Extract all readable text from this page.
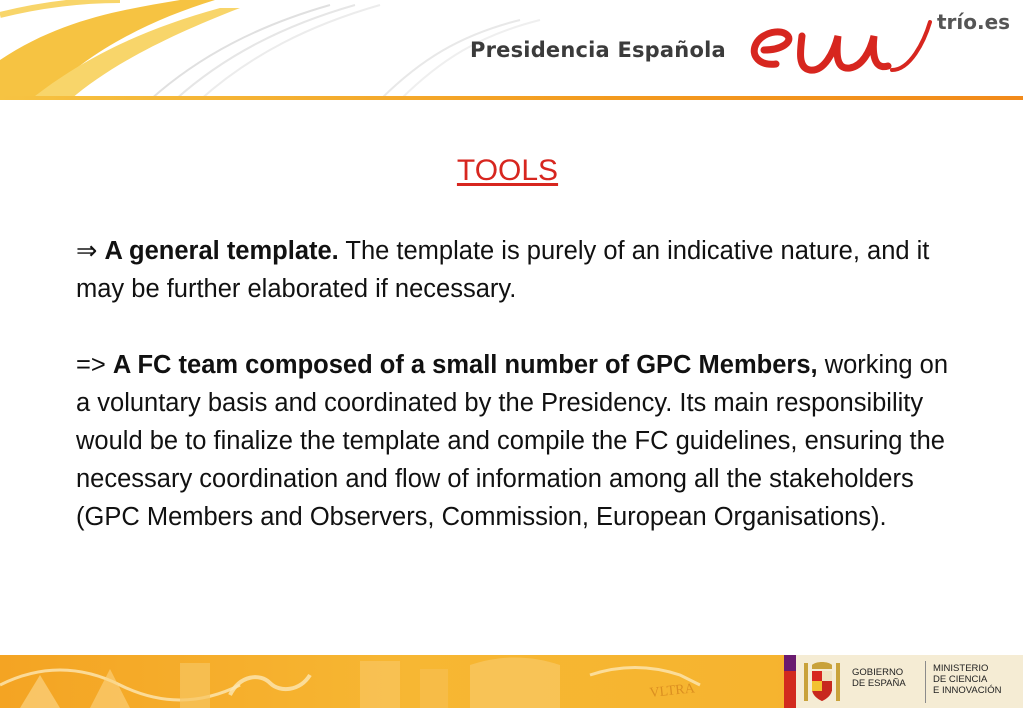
Presidencia Española
trío.es
TOOLS

⇒ A general template. The template is purely of an indicative nature, and it may be further elaborated if necessary.

=> A FC team composed of a small number of GPC Members, working on a voluntary basis and coordinated by the Presidency. Its main responsibility would be to finalize the template and compile the FC guidelines, ensuring the necessary coordination and flow of information among all the stakeholders (GPC Members and Observers, Commission, European Organisations).

VLTRA
GOBIERNO
DE ESPAÑA
MINISTERIO
DE CIENCIA
E INNOVACIÓN
